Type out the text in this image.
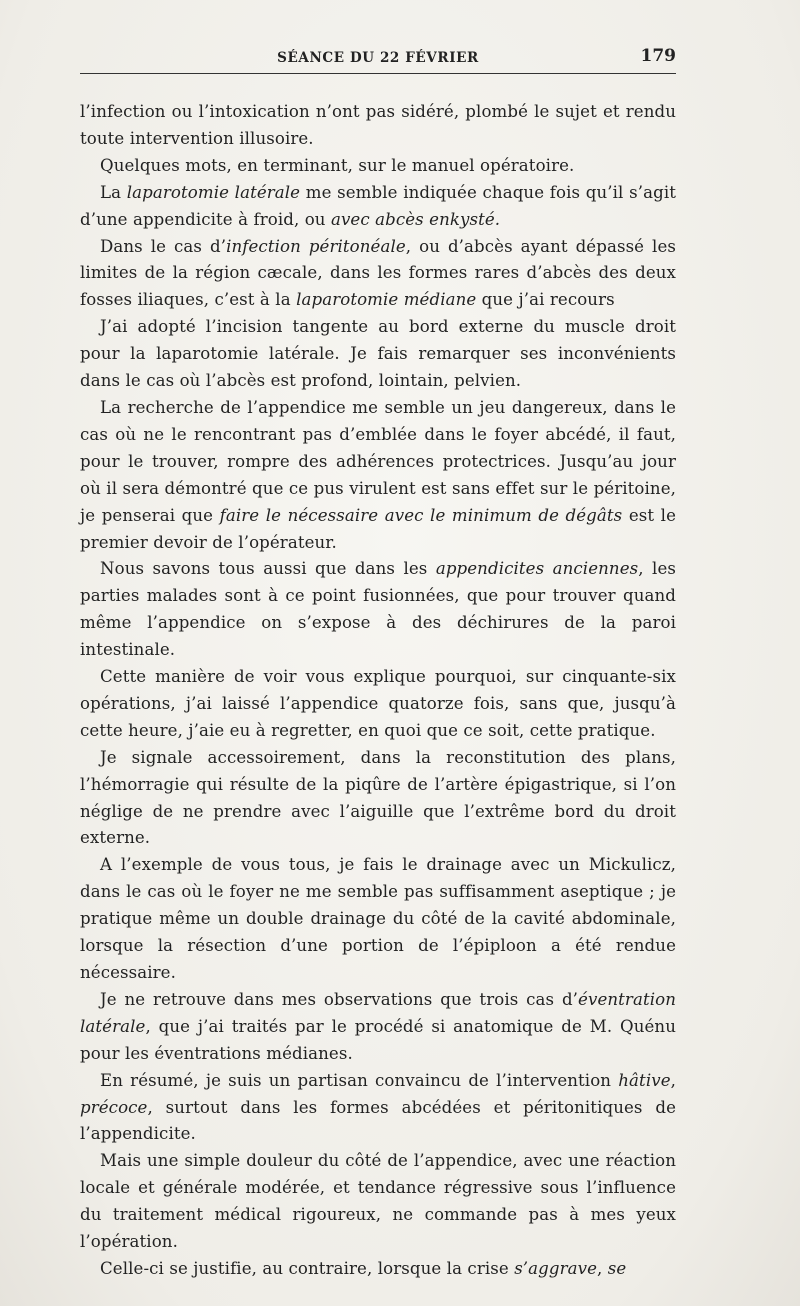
SÉANCE DU 22 FÉVRIER	179

l’infection ou l’intoxication n’ont pas sidéré, plombé le sujet et rendu toute intervention illusoire.

Quelques mots, en terminant, sur le manuel opératoire.

La laparotomie latérale me semble indiquée chaque fois qu’il s’agit d’une appendicite à froid, ou avec abcès enkysté.

Dans le cas d’infection péritonéale, ou d’abcès ayant dépassé les limites de la région cæcale, dans les formes rares d’abcès des deux fosses iliaques, c’est à la laparotomie médiane que j’ai recours

J’ai adopté l’incision tangente au bord externe du muscle droit pour la laparotomie latérale. Je fais remarquer ses inconvénients dans le cas où l’abcès est profond, lointain, pelvien.

La recherche de l’appendice me semble un jeu dangereux, dans le cas où ne le rencontrant pas d’emblée dans le foyer abcédé, il faut, pour le trouver, rompre des adhérences protectrices. Jusqu’au jour où il sera démontré que ce pus virulent est sans effet sur le péritoine, je penserai que faire le nécessaire avec le minimum de dégâts est le premier devoir de l’opérateur.

Nous savons tous aussi que dans les appendicites anciennes, les parties malades sont à ce point fusionnées, que pour trouver quand même l’appendice on s’expose à des déchirures de la paroi intestinale.

Cette manière de voir vous explique pourquoi, sur cinquante-six opérations, j’ai laissé l’appendice quatorze fois, sans que, jusqu’à cette heure, j’aie eu à regretter, en quoi que ce soit, cette pratique.

Je signale accessoirement, dans la reconstitution des plans, l’hémorragie qui résulte de la piqûre de l’artère épigastrique, si l’on néglige de ne prendre avec l’aiguille que l’extrême bord du droit externe.

A l’exemple de vous tous, je fais le drainage avec un Mickulicz, dans le cas où le foyer ne me semble pas suffisamment aseptique ; je pratique même un double drainage du côté de la cavité abdominale, lorsque la résection d’une portion de l’épiploon a été rendue nécessaire.

Je ne retrouve dans mes observations que trois cas d’éventration latérale, que j’ai traités par le procédé si anatomique de M. Quénu pour les éventrations médianes.

En résumé, je suis un partisan convaincu de l’intervention hâtive, précoce, surtout dans les formes abcédées et péritonitiques de l’appendicite.

Mais une simple douleur du côté de l’appendice, avec une réaction locale et générale modérée, et tendance régressive sous l’influence du traitement médical rigoureux, ne commande pas à mes yeux l’opération.

Celle-ci se justifie, au contraire, lorsque la crise s’aggrave, se
